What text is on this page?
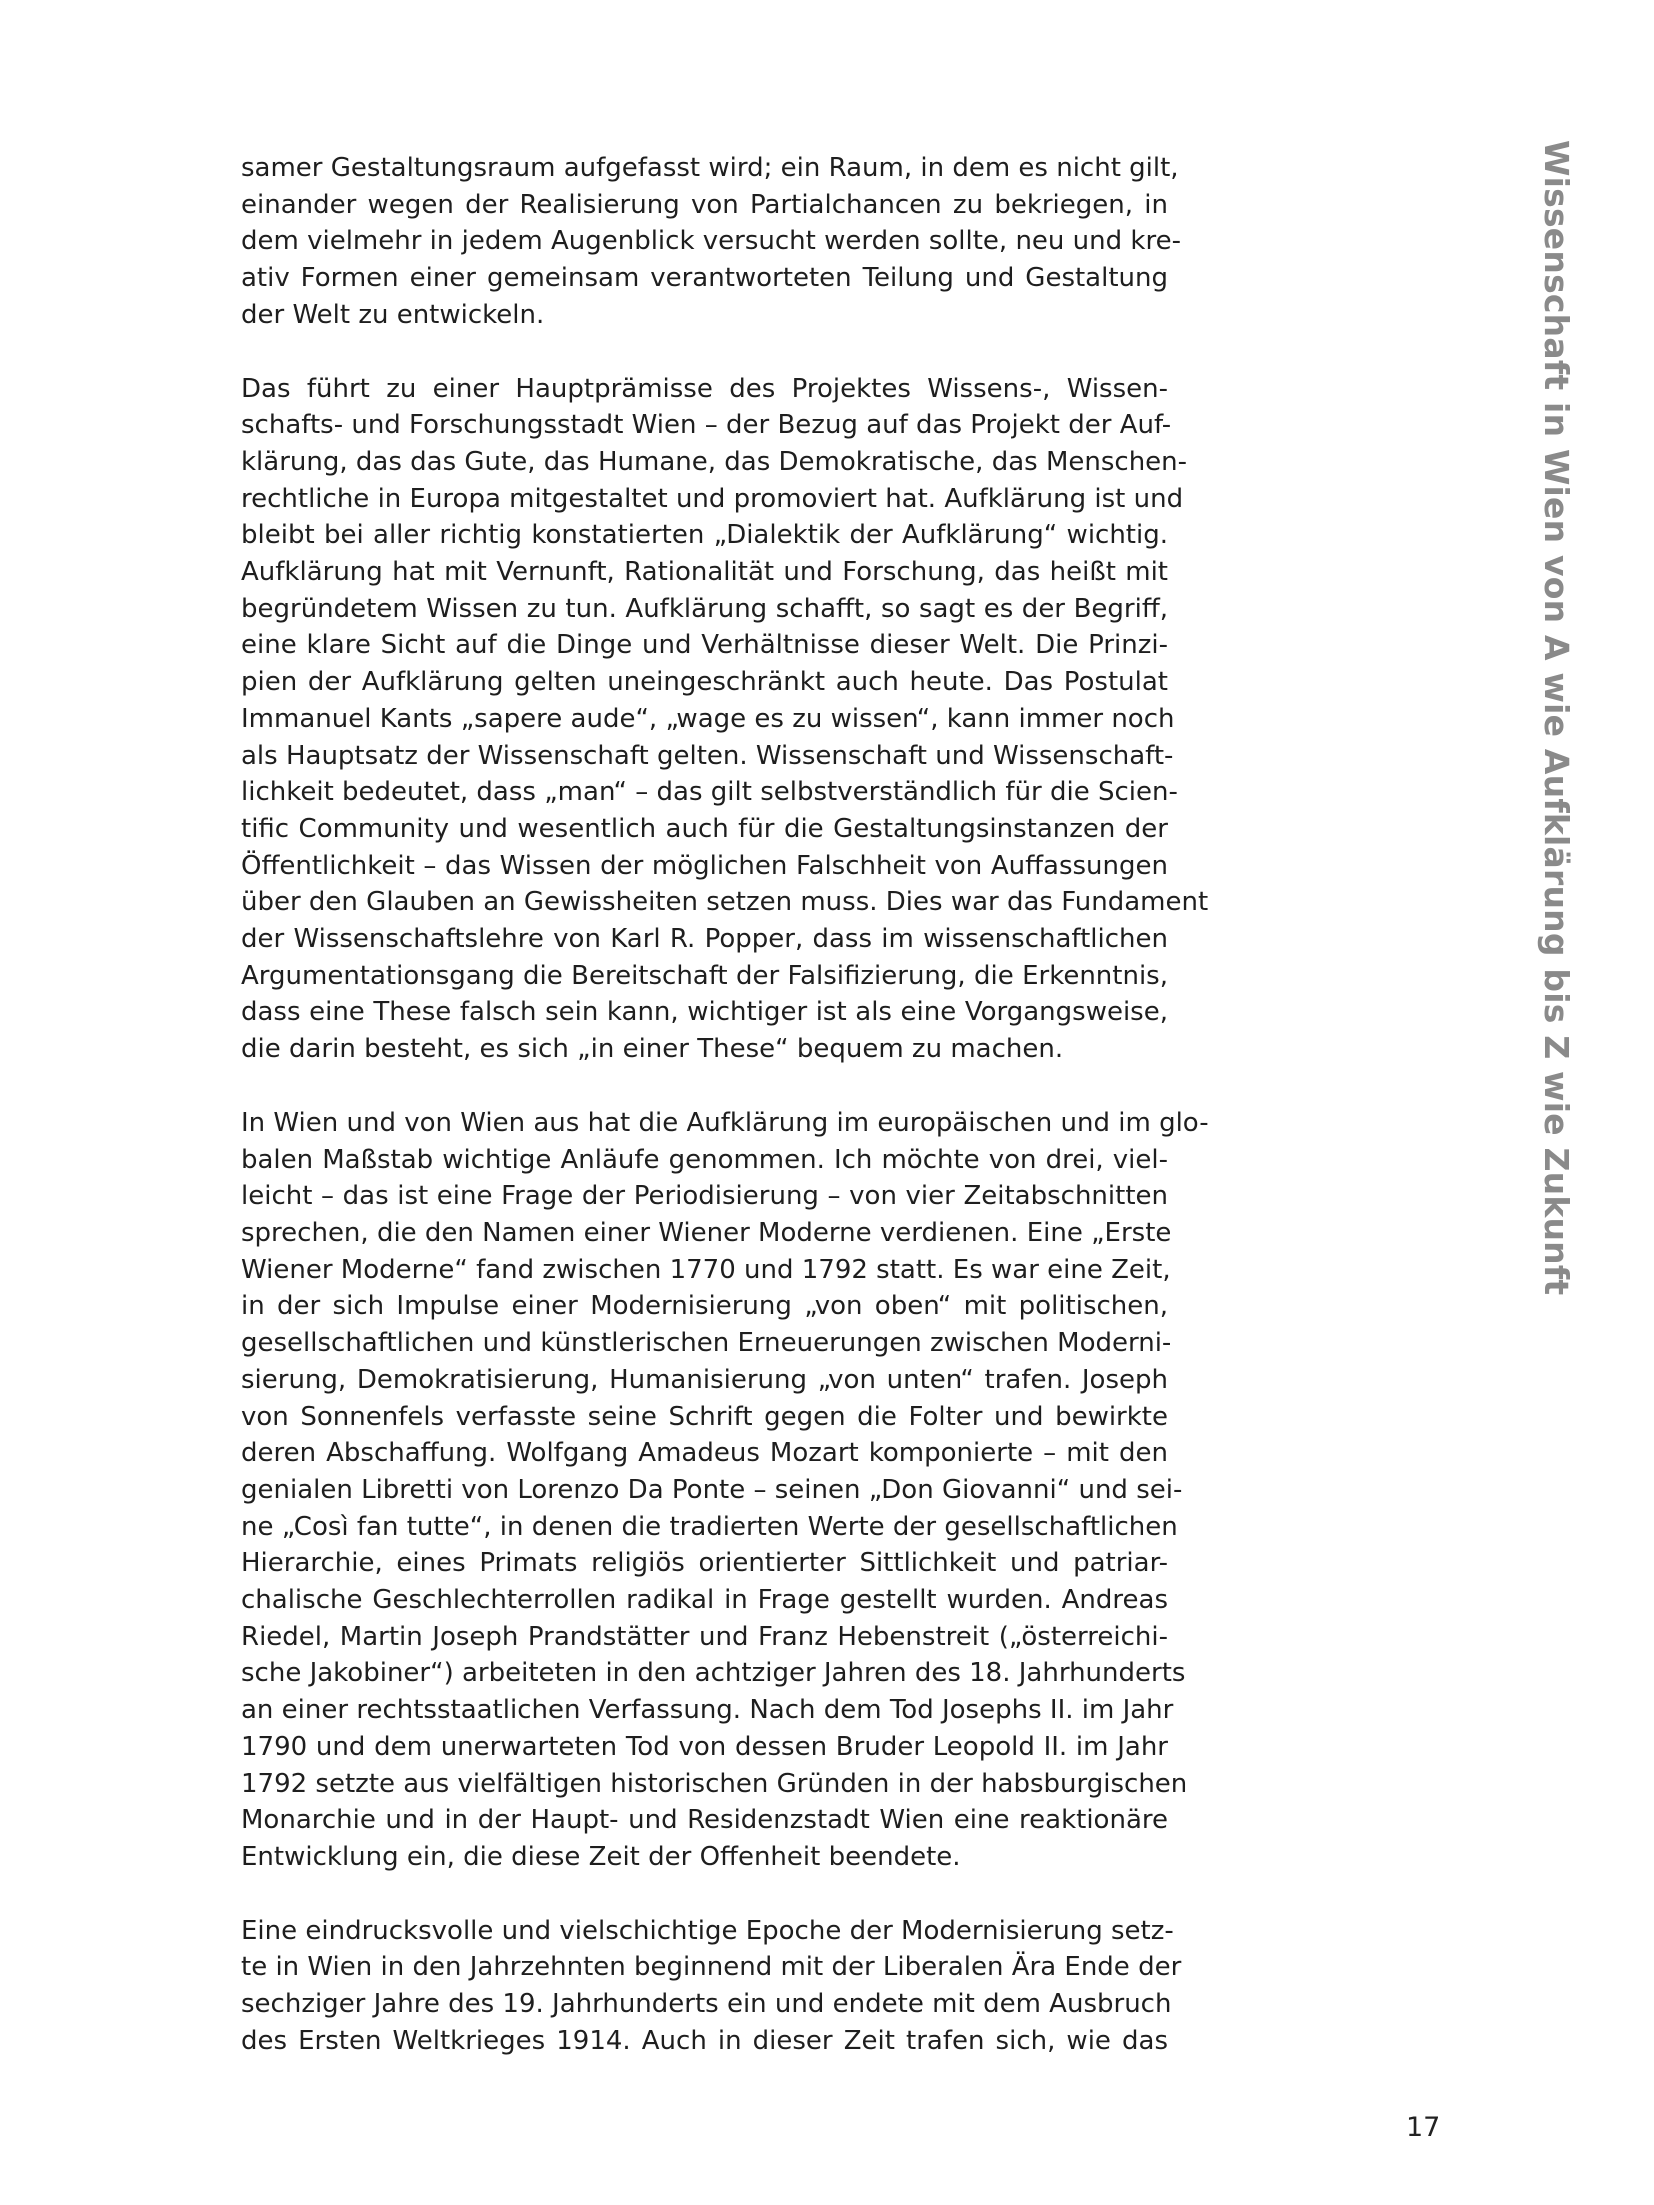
samer Gestaltungsraum aufgefasst wird; ein Raum, in dem es nicht gilt,
einander wegen der Realisierung von Partialchancen zu bekriegen, in
dem vielmehr in jedem Augenblick versucht werden sollte, neu und kre-
ativ Formen einer gemeinsam verantworteten Teilung und Gestaltung
der Welt zu entwickeln.
Das führt zu einer Hauptprämisse des Projektes Wissens-, Wissen-
schafts- und Forschungsstadt Wien – der Bezug auf das Projekt der Auf-
klärung, das das Gute, das Humane, das Demokratische, das Menschen-
rechtliche in Europa mitgestaltet und promoviert hat. Aufklärung ist und
bleibt bei aller richtig konstatierten „Dialektik der Aufklärung“ wichtig.
Aufklärung hat mit Vernunft, Rationalität und Forschung, das heißt mit
begründetem Wissen zu tun. Aufklärung schafft, so sagt es der Begriff,
eine klare Sicht auf die Dinge und Verhältnisse dieser Welt. Die Prinzi-
pien der Aufklärung gelten uneingeschränkt auch heute. Das Postulat
Immanuel Kants „sapere aude“, „wage es zu wissen“, kann immer noch
als Hauptsatz der Wissenschaft gelten. Wissenschaft und Wissenschaft-
lichkeit bedeutet, dass „man“ – das gilt selbstverständlich für die Scien-
tific Community und wesentlich auch für die Gestaltungsinstanzen der
Öffentlichkeit – das Wissen der möglichen Falschheit von Auffassungen
über den Glauben an Gewissheiten setzen muss. Dies war das Fundament
der Wissenschaftslehre von Karl R. Popper, dass im wissenschaftlichen
Argumentationsgang die Bereitschaft der Falsifizierung, die Erkenntnis,
dass eine These falsch sein kann, wichtiger ist als eine Vorgangsweise,
die darin besteht, es sich „in einer These“ bequem zu machen.
In Wien und von Wien aus hat die Aufklärung im europäischen und im glo-
balen Maßstab wichtige Anläufe genommen. Ich möchte von drei, viel-
leicht – das ist eine Frage der Periodisierung – von vier Zeitabschnitten
sprechen, die den Namen einer Wiener Moderne verdienen. Eine „Erste
Wiener Moderne“ fand zwischen 1770 und 1792 statt. Es war eine Zeit,
in der sich Impulse einer Modernisierung „von oben“ mit politischen,
gesellschaftlichen und künstlerischen Erneuerungen zwischen Moderni-
sierung, Demokratisierung, Humanisierung „von unten“ trafen. Joseph
von Sonnenfels verfasste seine Schrift gegen die Folter und bewirkte
deren Abschaffung. Wolfgang Amadeus Mozart komponierte – mit den
genialen Libretti von Lorenzo Da Ponte – seinen „Don Giovanni“ und sei-
ne „Così fan tutte“, in denen die tradierten Werte der gesellschaftlichen
Hierarchie, eines Primats religiös orientierter Sittlichkeit und patriar-
chalische Geschlechterrollen radikal in Frage gestellt wurden. Andreas
Riedel, Martin Joseph Prandstätter und Franz Hebenstreit („österreichi-
sche Jakobiner“) arbeiteten in den achtziger Jahren des 18. Jahrhunderts
an einer rechtsstaatlichen Verfassung. Nach dem Tod Josephs II. im Jahr
1790 und dem unerwarteten Tod von dessen Bruder Leopold II. im Jahr
1792 setzte aus vielfältigen historischen Gründen in der habsburgischen
Monarchie und in der Haupt- und Residenzstadt Wien eine reaktionäre
Entwicklung ein, die diese Zeit der Offenheit beendete.
Eine eindrucksvolle und vielschichtige Epoche der Modernisierung setz-
te in Wien in den Jahrzehnten beginnend mit der Liberalen Ära Ende der
sechziger Jahre des 19. Jahrhunderts ein und endete mit dem Ausbruch
des Ersten Weltkrieges 1914. Auch in dieser Zeit trafen sich, wie das
Wissenschaft in Wien von A wie Aufklärung bis Z wie Zukunft
17
